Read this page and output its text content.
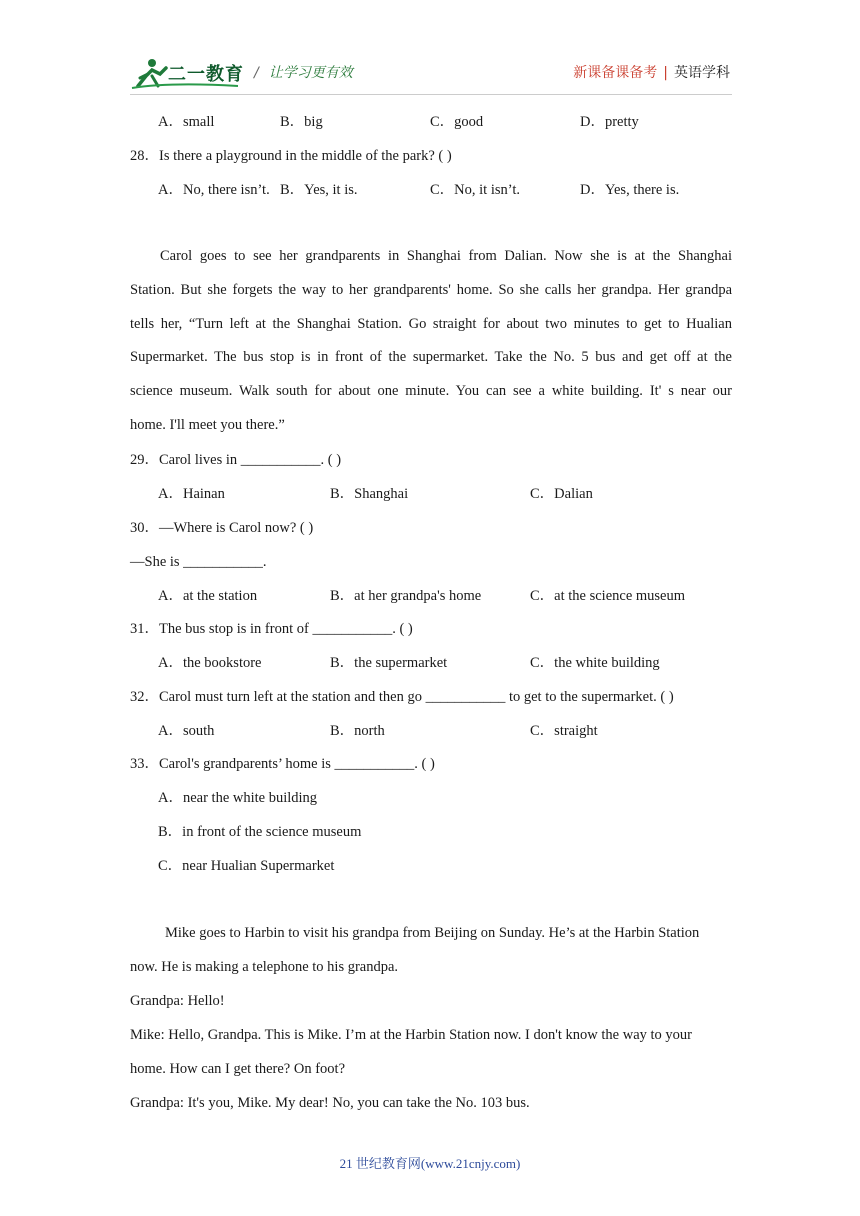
二一教育 / 让学习更有效	新课备课备考 | 英语学科
A．small	B．big	C．good	D．pretty
28．Is there a playground in the middle of the park? ( )
A．No, there isn’t. B．Yes, it is.	C．No, it isn’t.	D．Yes, there is.
Carol goes to see her grandparents in Shanghai from Dalian. Now she is at the Shanghai
Station. But she forgets the way to her grandparents' home. So she calls her grandpa. Her grandpa
tells her, “Turn left at the Shanghai Station. Go straight for about two minutes to get to Hualian
Supermarket. The bus stop is in front of the supermarket. Take the No. 5 bus and get off at the
science museum. Walk south for about one minute. You can see a white building. It' s near our
home. I'll meet you there.”
29．Carol lives in ___________. ( )
A．Hainan	B．Shanghai	C．Dalian
30．—Where is Carol now? ( )
—She is ___________.
A．at the station	B．at her grandpa's home	C．at the science museum
31．The bus stop is in front of ___________. ( )
A．the bookstore	B．the supermarket	C．the white building
32．Carol must turn left at the station and then go ___________ to get to the supermarket. ( )
A．south	B．north	C．straight
33．Carol's grandparents’ home is ___________. ( )
A．near the white building
B．in front of the science museum
C．near Hualian Supermarket
Mike goes to Harbin to visit his grandpa from Beijing on Sunday. He’s at the Harbin Station
now. He is making a telephone to his grandpa.
Grandpa: Hello!
Mike: Hello, Grandpa. This is Mike. I’m at the Harbin Station now. I don't know the way to your
home. How can I get there? On foot?
Grandpa: It's you, Mike. My dear! No, you can take the No. 103 bus.
21 世纪教育网(www.21cnjy.com)
